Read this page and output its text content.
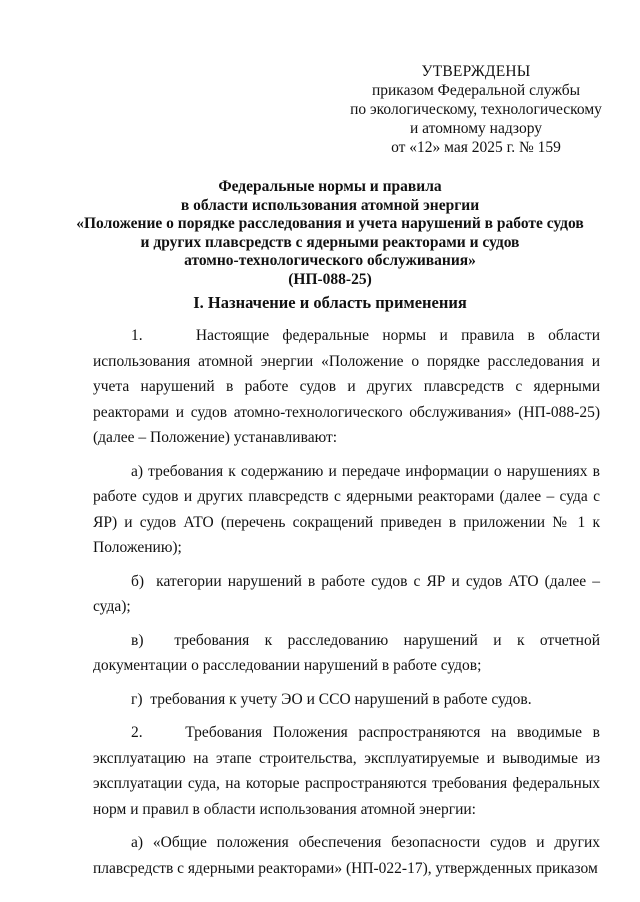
УТВЕРЖДЕНЫ
приказом Федеральной службы
по экологическому, технологическому
и атомному надзору
от «12» мая 2025 г. № 159
Федеральные нормы и правила
в области использования атомной энергии
«Положение о порядке расследования и учета нарушений в работе судов
и других плавсредств с ядерными реакторами и судов
атомно-технологического обслуживания»
(НП-088-25)
I. Назначение и область применения

1.    Настоящие федеральные нормы и правила в области использования атомной энергии «Положение о порядке расследования и учета нарушений в работе судов и других плавсредств с ядерными реакторами и судов атомно-технологического обслуживания» (НП-088-25) (далее – Положение) устанавливают:

а) требования к содержанию и передаче информации о нарушениях в работе судов и других плавсредств с ядерными реакторами (далее – суда с ЯР) и судов АТО (перечень сокращений приведен в приложении № 1 к Положению);

б)  категории нарушений в работе судов с ЯР и судов АТО (далее – суда);

в)  требования к расследованию нарушений и к отчетной документации о расследовании нарушений в работе судов;

г)  требования к учету ЭО и ССО нарушений в работе судов.

2.    Требования Положения распространяются на вводимые в эксплуатацию на этапе строительства, эксплуатируемые и выводимые из эксплуатации суда, на которые распространяются требования федеральных норм и правил в области использования атомной энергии:

а) «Общие положения обеспечения безопасности судов и других плавсредств с ядерными реакторами» (НП-022-17), утвержденных приказом
